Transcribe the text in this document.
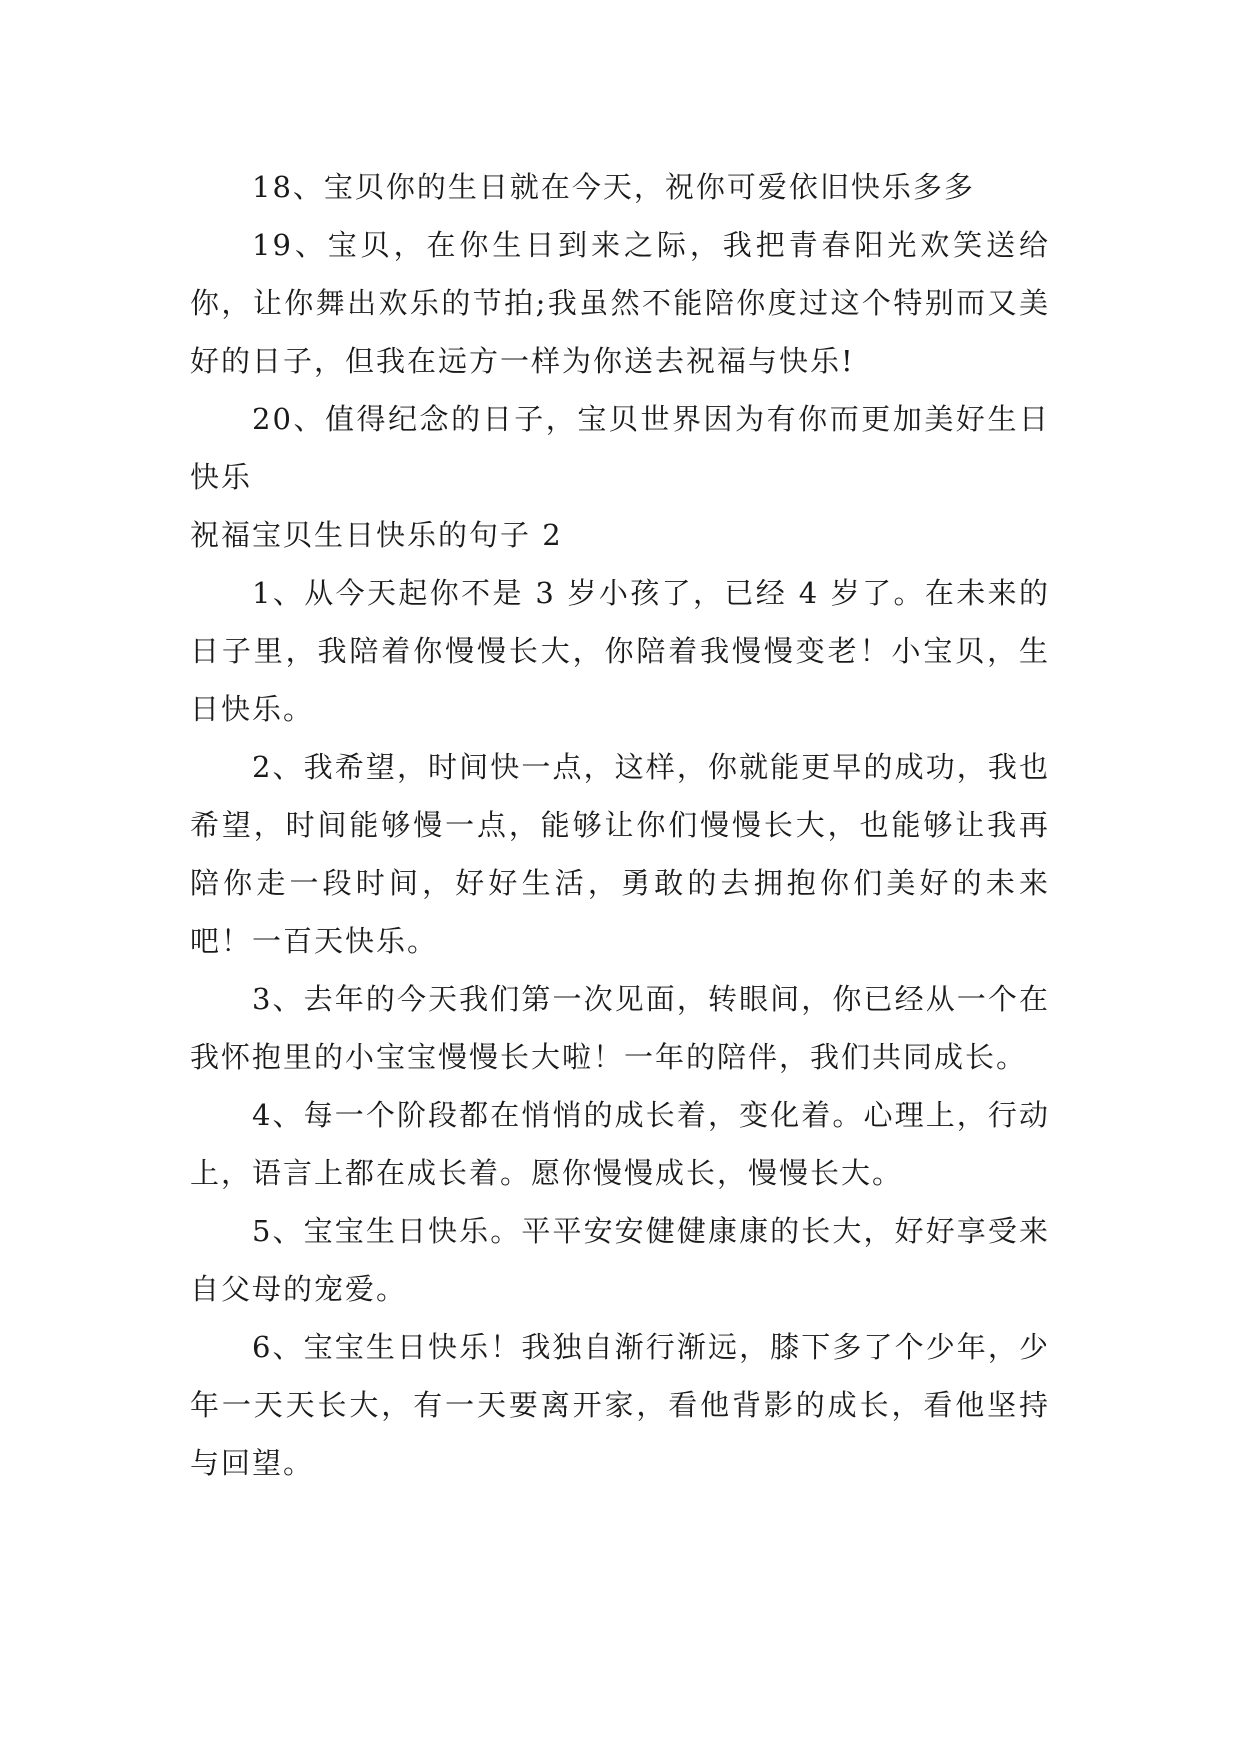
18、宝贝你的生日就在今天，祝你可爱依旧快乐多多

19、宝贝，在你生日到来之际，我把青春阳光欢笑送给你，让你舞出欢乐的节拍;我虽然不能陪你度过这个特别而又美好的日子，但我在远方一样为你送去祝福与快乐!

20、值得纪念的日子，宝贝世界因为有你而更加美好生日快乐

祝福宝贝生日快乐的句子 2

1、从今天起你不是 3 岁小孩了，已经 4 岁了。在未来的日子里，我陪着你慢慢长大，你陪着我慢慢变老！小宝贝，生日快乐。

2、我希望，时间快一点，这样，你就能更早的成功，我也希望，时间能够慢一点，能够让你们慢慢长大，也能够让我再陪你走一段时间，好好生活，勇敢的去拥抱你们美好的未来吧！一百天快乐。

3、去年的今天我们第一次见面，转眼间，你已经从一个在我怀抱里的小宝宝慢慢长大啦！一年的陪伴，我们共同成长。

4、每一个阶段都在悄悄的成长着，变化着。心理上，行动上，语言上都在成长着。愿你慢慢成长，慢慢长大。

5、宝宝生日快乐。平平安安健健康康的长大，好好享受来自父母的宠爱。

6、宝宝生日快乐！我独自渐行渐远，膝下多了个少年，少年一天天长大，有一天要离开家，看他背影的成长，看他坚持与回望。
